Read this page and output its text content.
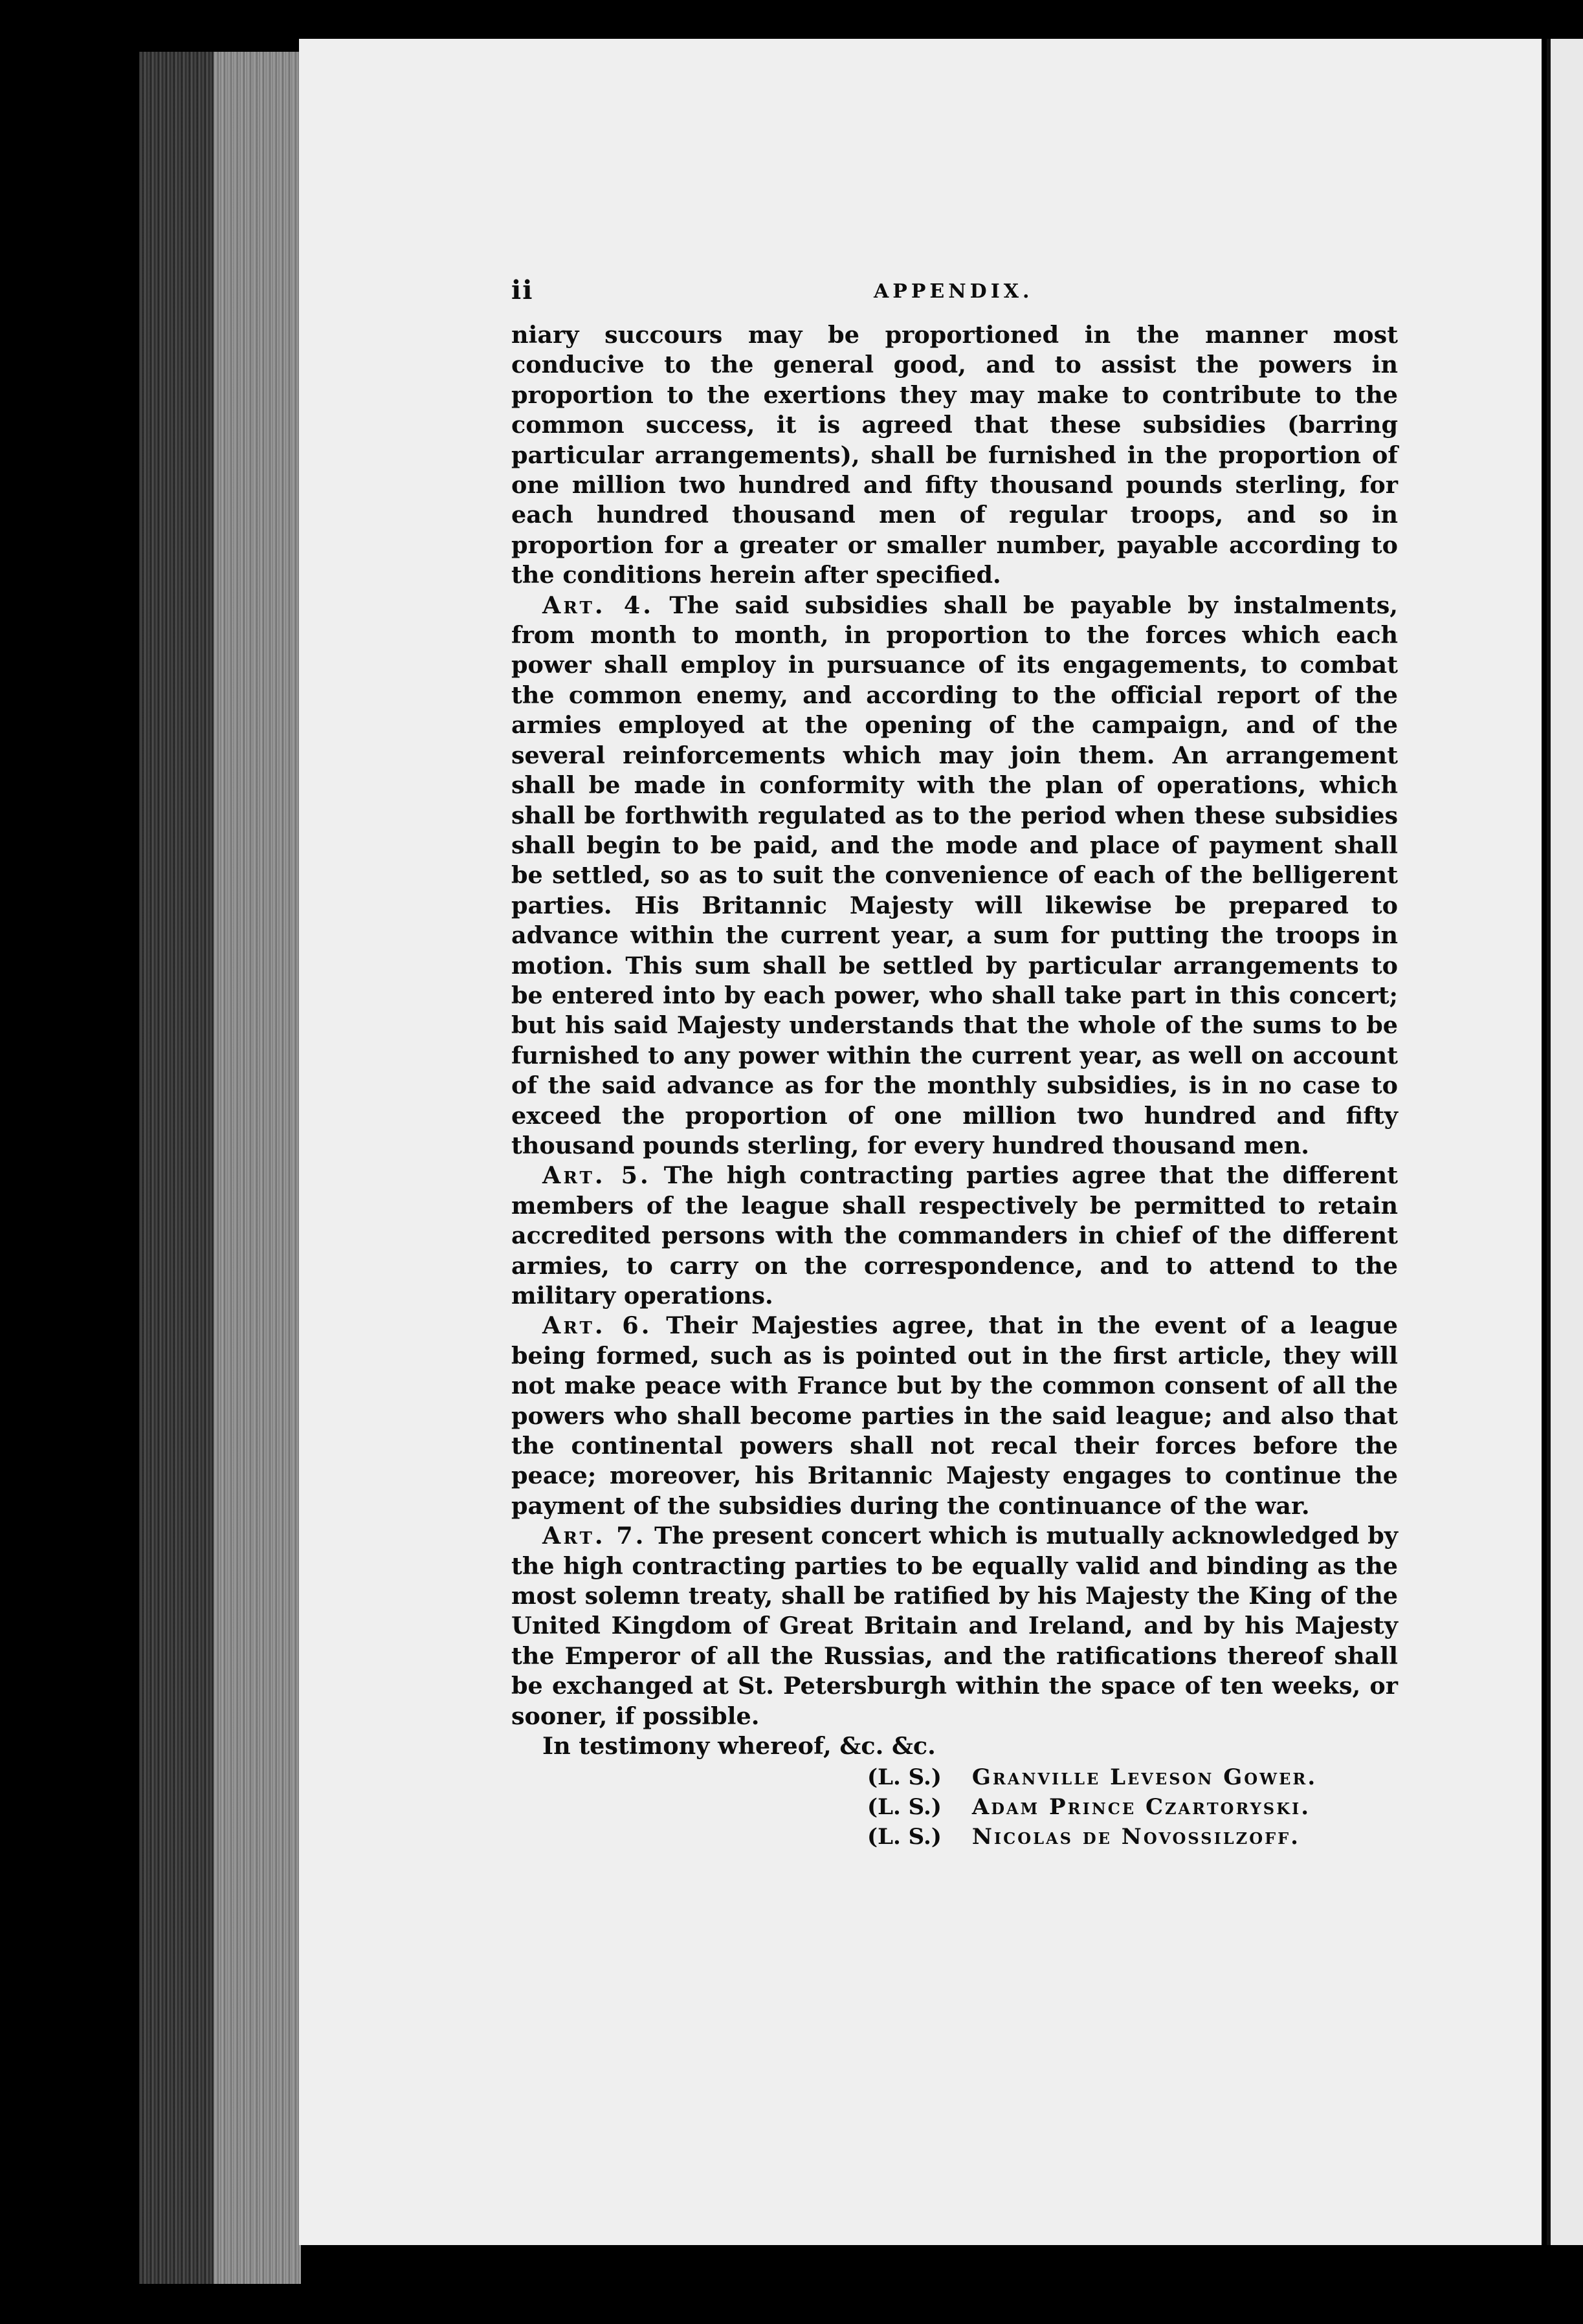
ii	APPENDIX.

niary succours may be proportioned in the manner most conducive to the general good, and to assist the powers in proportion to the exertions they may make to contribute to the common success, it is agreed that these subsidies (barring particular arrangements), shall be furnished in the proportion of one million two hundred and fifty thousand pounds sterling, for each hundred thousand men of regular troops, and so in proportion for a greater or smaller number, payable according to the conditions herein after specified.

Art. 4. The said subsidies shall be payable by instalments, from month to month, in proportion to the forces which each power shall employ in pursuance of its engagements, to combat the common enemy, and according to the official report of the armies employed at the opening of the campaign, and of the several reinforcements which may join them. An arrangement shall be made in conformity with the plan of operations, which shall be forthwith regulated as to the period when these subsidies shall begin to be paid, and the mode and place of payment shall be settled, so as to suit the convenience of each of the belligerent parties. His Britannic Majesty will likewise be prepared to advance within the current year, a sum for putting the troops in motion. This sum shall be settled by particular arrangements to be entered into by each power, who shall take part in this concert; but his said Majesty understands that the whole of the sums to be furnished to any power within the current year, as well on account of the said advance as for the monthly subsidies, is in no case to exceed the proportion of one million two hundred and fifty thousand pounds sterling, for every hundred thousand men.

Art. 5. The high contracting parties agree that the different members of the league shall respectively be permitted to retain accredited persons with the commanders in chief of the different armies, to carry on the correspondence, and to attend to the military operations.

Art. 6. Their Majesties agree, that in the event of a league being formed, such as is pointed out in the first article, they will not make peace with France but by the common consent of all the powers who shall become parties in the said league; and also that the continental powers shall not recal their forces before the peace; moreover, his Britannic Majesty engages to continue the payment of the subsidies during the continuance of the war.

Art. 7. The present concert which is mutually acknowledged by the high contracting parties to be equally valid and binding as the most solemn treaty, shall be ratified by his Majesty the King of the United Kingdom of Great Britain and Ireland, and by his Majesty the Emperor of all the Russias, and the ratifications thereof shall be exchanged at St. Petersburgh within the space of ten weeks, or sooner, if possible.

In testimony whereof, &c. &c.

(L. S.) Granville Leveson Gower.
(L. S.) Adam Prince Czartoryski.
(L. S.) Nicolas de Novossilzoff.
